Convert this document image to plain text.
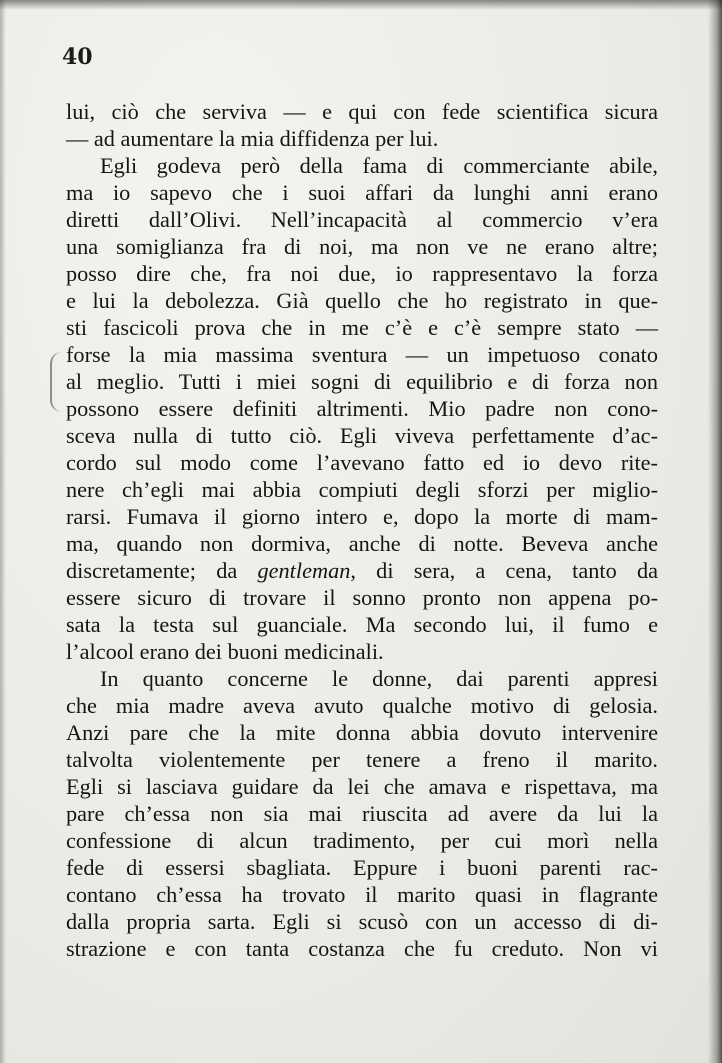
40
lui, ciò che serviva — e qui con fede scientifica sicura
— ad aumentare la mia diffidenza per lui.
Egli godeva però della fama di commerciante abile,
ma io sapevo che i suoi affari da lunghi anni erano
diretti dall’Olivi. Nell’incapacità al commercio v’era
una somiglianza fra di noi, ma non ve ne erano altre;
posso dire che, fra noi due, io rappresentavo la forza
e lui la debolezza. Già quello che ho registrato in que-
sti fascicoli prova che in me c’è e c’è sempre stato —
forse la mia massima sventura — un impetuoso conato
al meglio. Tutti i miei sogni di equilibrio e di forza non
possono essere definiti altrimenti. Mio padre non cono-
sceva nulla di tutto ciò. Egli viveva perfettamente d’ac-
cordo sul modo come l’avevano fatto ed io devo rite-
nere ch’egli mai abbia compiuti degli sforzi per miglio-
rarsi. Fumava il giorno intero e, dopo la morte di mam-
ma, quando non dormiva, anche di notte. Beveva anche
discretamente; da gentleman, di sera, a cena, tanto da
essere sicuro di trovare il sonno pronto non appena po-
sata la testa sul guanciale. Ma secondo lui, il fumo e
l’alcool erano dei buoni medicinali.
In quanto concerne le donne, dai parenti appresi
che mia madre aveva avuto qualche motivo di gelosia.
Anzi pare che la mite donna abbia dovuto intervenire
talvolta violentemente per tenere a freno il marito.
Egli si lasciava guidare da lei che amava e rispettava, ma
pare ch’essa non sia mai riuscita ad avere da lui la
confessione di alcun tradimento, per cui morì nella
fede di essersi sbagliata. Eppure i buoni parenti rac-
contano ch’essa ha trovato il marito quasi in flagrante
dalla propria sarta. Egli si scusò con un accesso di di-
strazione e con tanta costanza che fu creduto. Non vi
